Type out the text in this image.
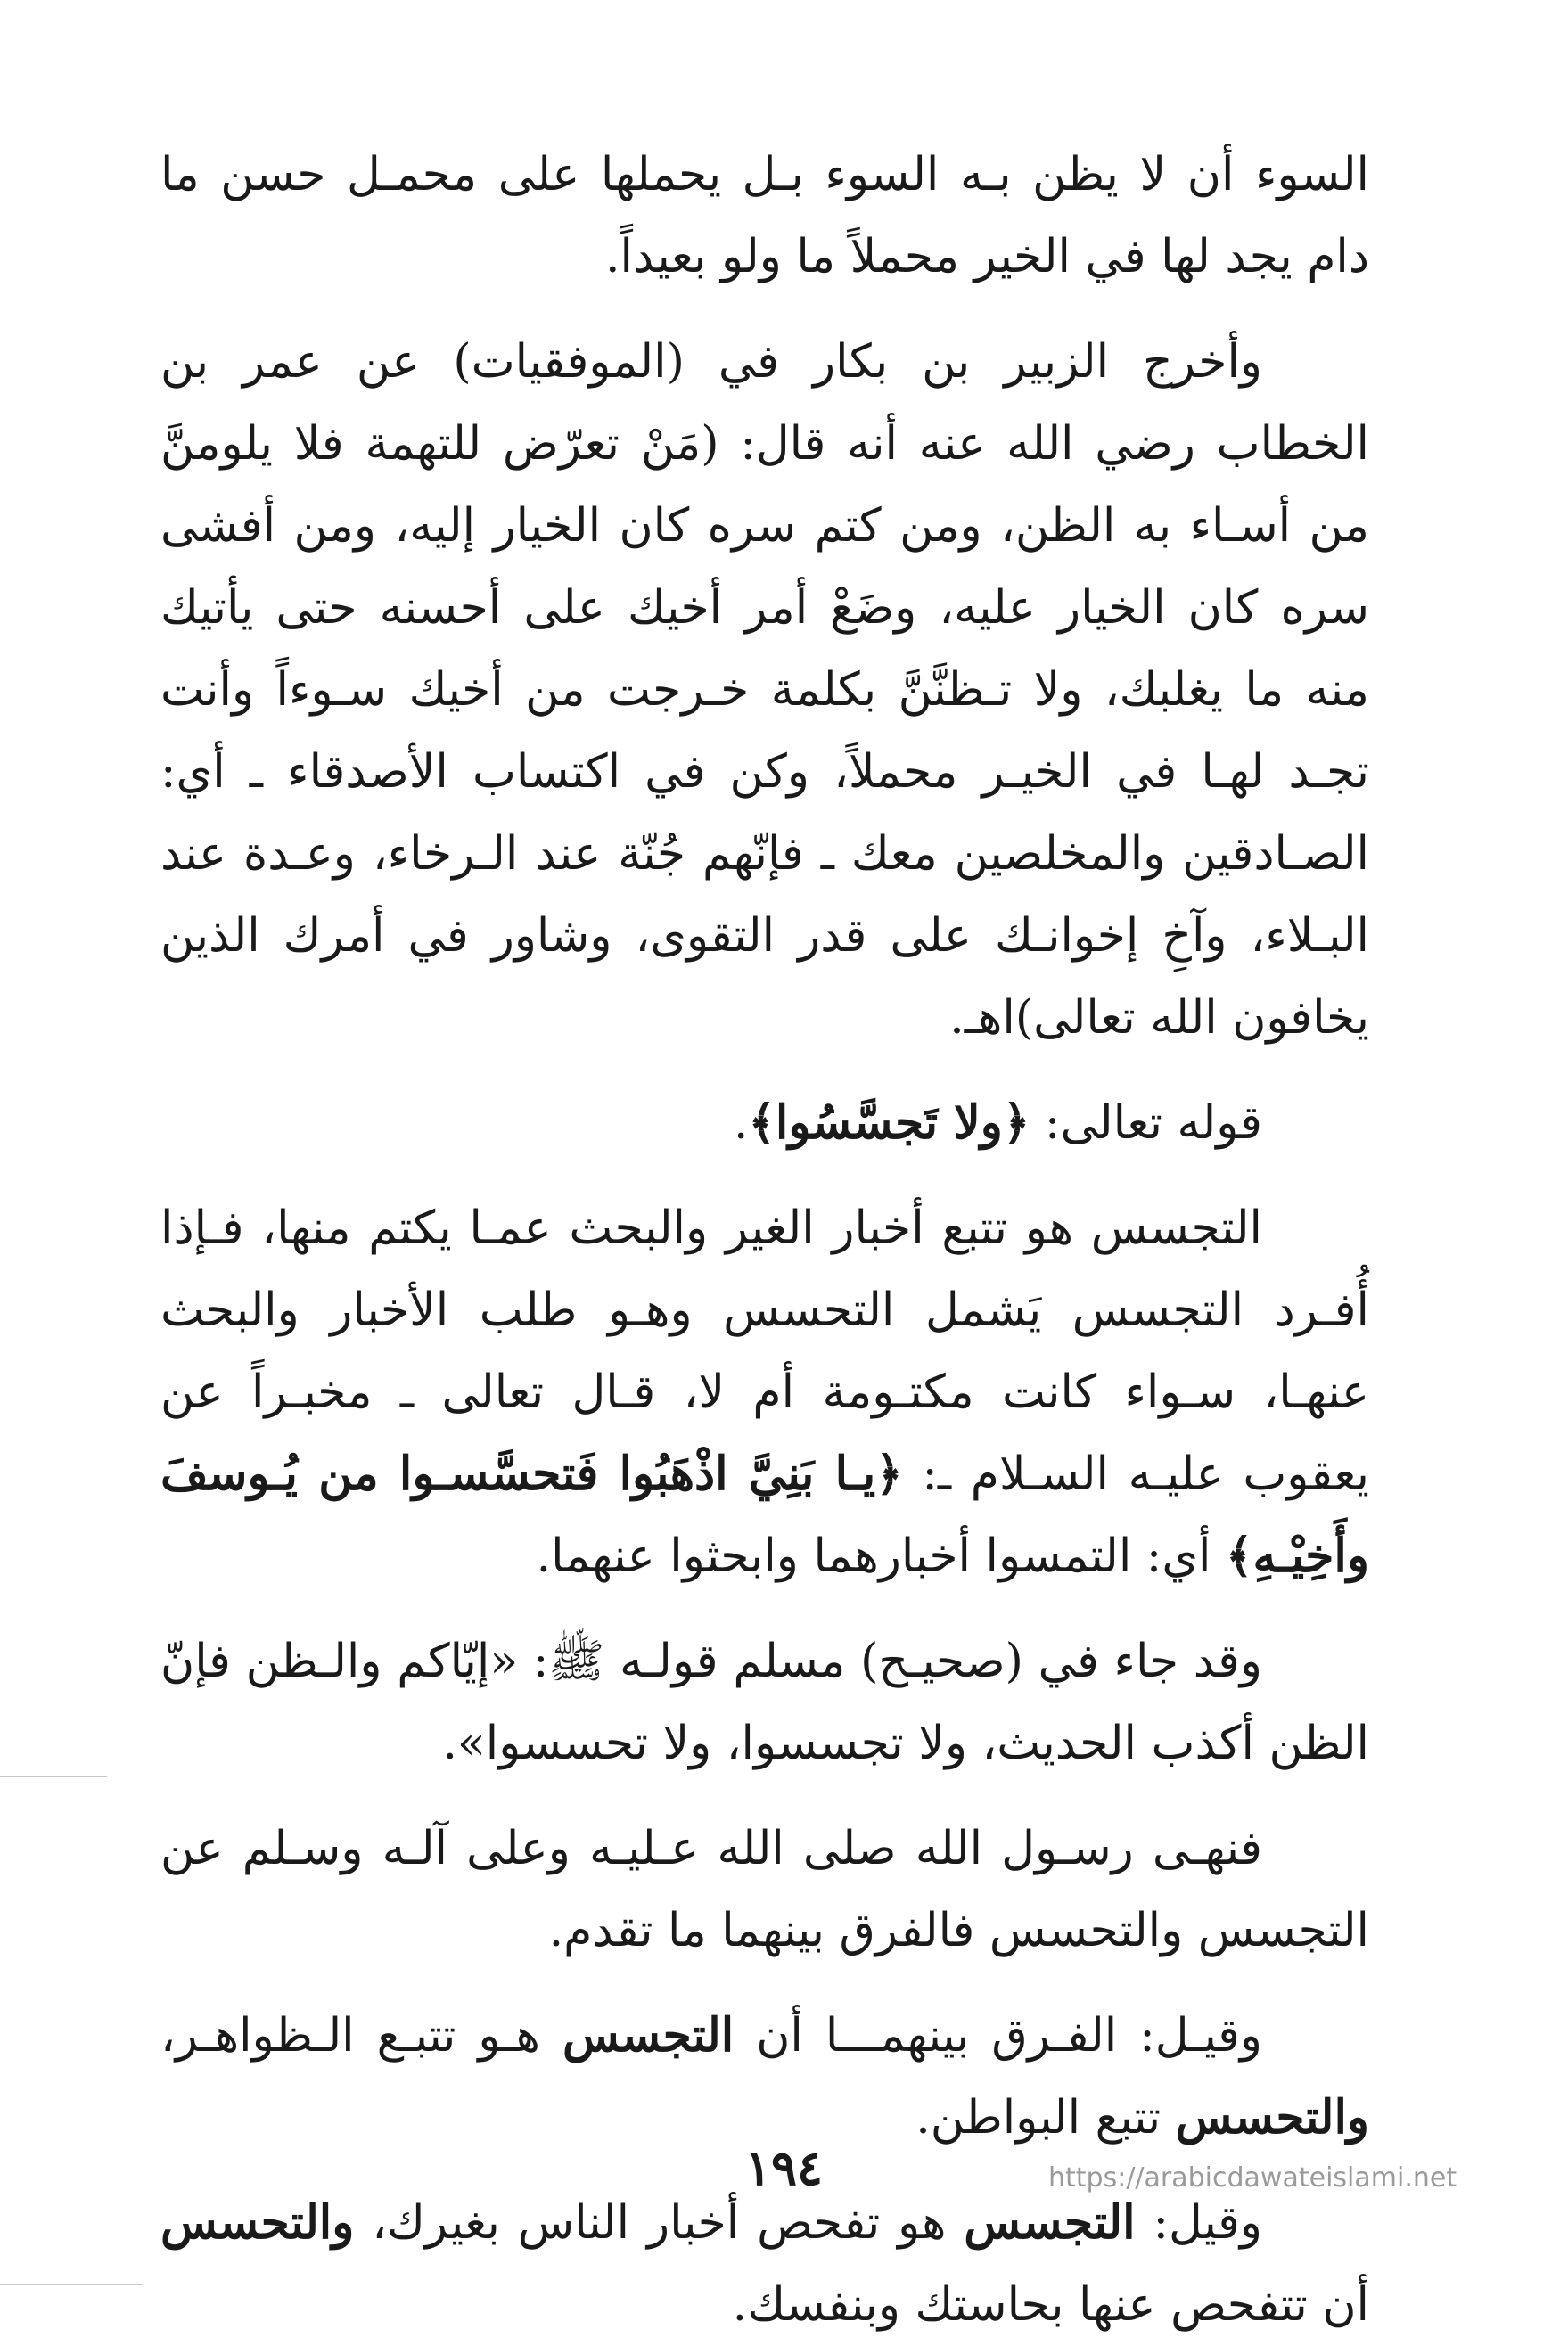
السوء أن لا يظن بـه السوء بـل يحملها على محمـل حسن ما دام يجد لها في الخير محملاً ما ولو بعيداً.

وأخرج الزبير بن بكار في (الموفقيات) عن عمر بن الخطاب رضي الله عنه أنه قال: (مَنْ تعرّض للتهمة فلا يلومنَّ من أسـاء به الظن، ومن كتم سره كان الخيار إليه، ومن أفشى سره كان الخيار عليه، وضَعْ أمر أخيك على أحسنه حتى يأتيك منه ما يغلبك، ولا تـظنَّنَّ بكلمة خـرجت من أخيك سـوءاً وأنت تجـد لهـا في الخيـر محملاً، وكن في اكتساب الأصدقاء ـ أي: الصـادقين والمخلصين معك ـ فإنّهم جُنّة عند الـرخاء، وعـدة عند البـلاء، وآخِ إخوانـك على قدر التقوى، وشاور في أمرك الذين يخافون الله تعالى)اهـ.

قوله تعالى: ﴿ولا تَجسَّسُوا﴾.

التجسس هو تتبع أخبار الغير والبحث عمـا يكتم منها، فـإذا أُفـرد التجسس يَشمل التحسس وهـو طلب الأخبار والبحث عنهـا، سـواء كانت مكتـومة أم لا، قـال تعالى ـ مخبـراً عن يعقوب عليـه السـلام ـ: ﴿يـا بَنِيَّ اذْهَبُوا فَتحسَّسـوا من يُـوسفَ وأَخِيْـهِ﴾ أي: التمسوا أخبارهما وابحثوا عنهما.

وقد جاء في (صحيـح) مسلم قولـه ﷺ: «إيّاكم والـظن فإنّ الظن أكذب الحديث، ولا تجسسوا، ولا تحسسوا».

فنهـى رسـول الله صلى الله عـليـه وعلى آلـه وسـلم عن التجسس والتحسس فالفرق بينهما ما تقدم.

وقيـل: الفـرق بينهمـــا أن التجسس هـو تتبـع الـظواهـر، والتحسس تتبع البواطن.

وقيل: التجسس هو تفحص أخبار الناس بغيرك، والتحسس أن تتفحص عنها بحاستك وبنفسك.

١٩٤	https://arabicdawateislami.net
